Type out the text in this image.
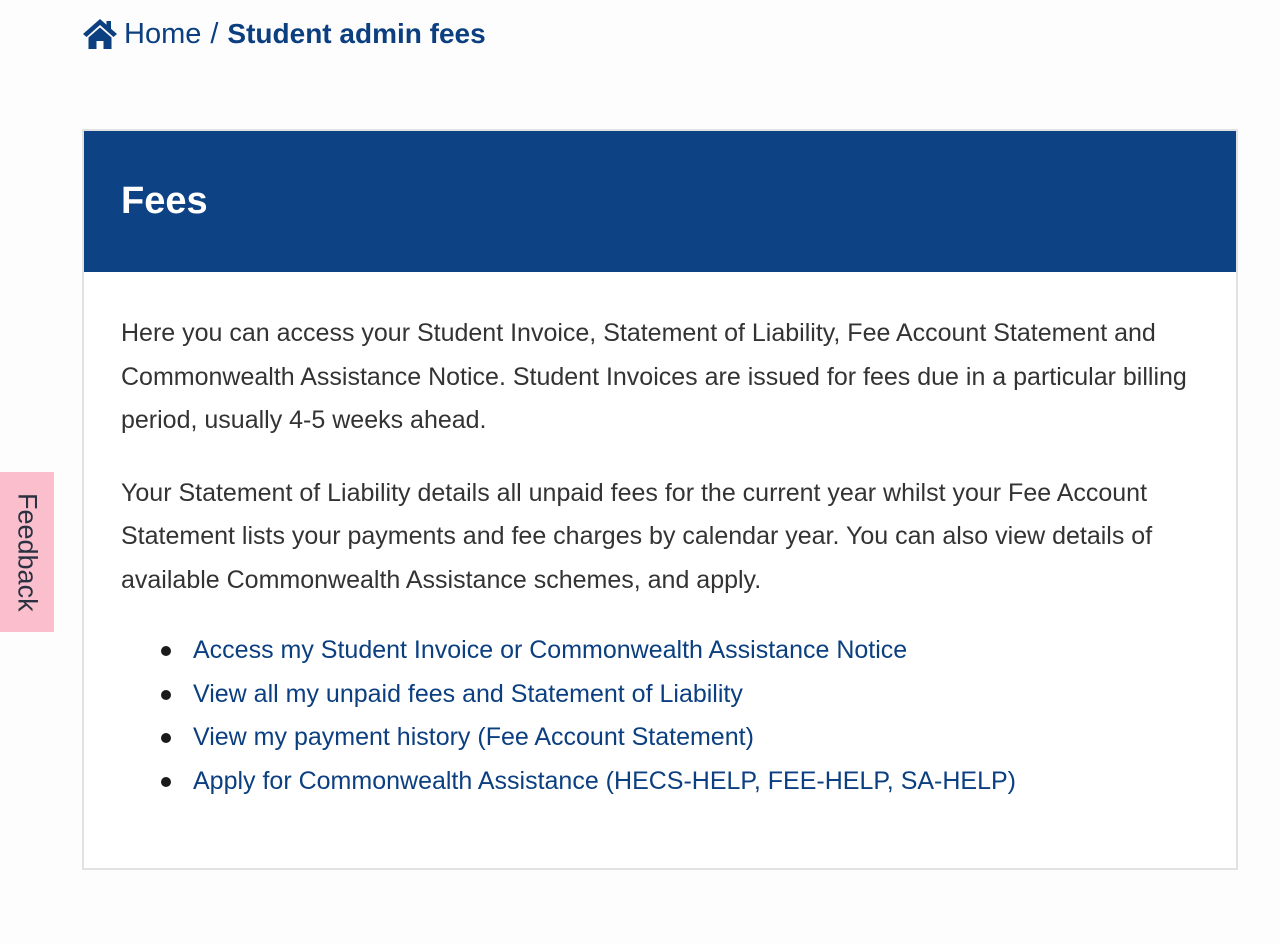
Home / Student admin fees
Fees

Here you can access your Student Invoice, Statement of Liability, Fee Account Statement and Commonwealth Assistance Notice. Student Invoices are issued for fees due in a particular billing period, usually 4-5 weeks ahead.

Your Statement of Liability details all unpaid fees for the current year whilst your Fee Account Statement lists your payments and fee charges by calendar year. You can also view details of available Commonwealth Assistance schemes, and apply.

Access my Student Invoice or Commonwealth Assistance Notice
View all my unpaid fees and Statement of Liability
View my payment history (Fee Account Statement)
Apply for Commonwealth Assistance (HECS-HELP, FEE-HELP, SA-HELP)
Feedback
